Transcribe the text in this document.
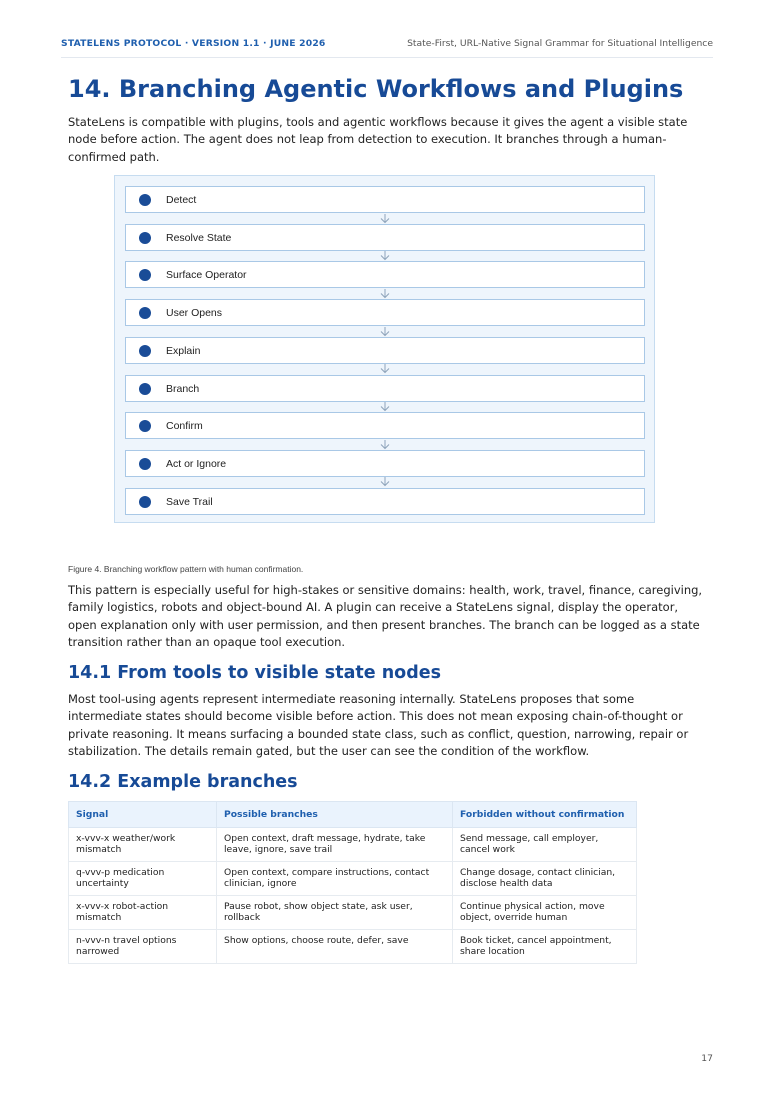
STATELENS PROTOCOL · VERSION 1.1 · JUNE 2026	State-First, URL-Native Signal Grammar for Situational Intelligence
14. Branching Agentic Workflows and Plugins

StateLens is compatible with plugins, tools and agentic workflows because it gives the agent a visible state node before action. The agent does not leap from detection to execution. It branches through a human-confirmed path.

Detect
Resolve State
Surface Operator
User Opens
Explain
Branch
Confirm
Act or Ignore
Save Trail
Figure 4. Branching workflow pattern with human confirmation.

This pattern is especially useful for high-stakes or sensitive domains: health, work, travel, finance, caregiving, family logistics, robots and object-bound AI. A plugin can receive a StateLens signal, display the operator, open explanation only with user permission, and then present branches. The branch can be logged as a state transition rather than an opaque tool execution.

14.1 From tools to visible state nodes

Most tool-using agents represent intermediate reasoning internally. StateLens proposes that some intermediate states should become visible before action. This does not mean exposing chain-of-thought or private reasoning. It means surfacing a bounded state class, such as conflict, question, narrowing, repair or stabilization. The details remain gated, but the user can see the condition of the workflow.

14.2 Example branches
Signal	Possible branches	Forbidden without confirmation
x-vvv-x weather/work mismatch	Open context, draft message, hydrate, take leave, ignore, save trail	Send message, call employer, cancel work
q-vvv-p medication uncertainty	Open context, compare instructions, contact clinician, ignore	Change dosage, contact clinician, disclose health data
x-vvv-x robot-action mismatch	Pause robot, show object state, ask user, rollback	Continue physical action, move object, override human
n-vvv-n travel options narrowed	Show options, choose route, defer, save	Book ticket, cancel appointment, share location
17
